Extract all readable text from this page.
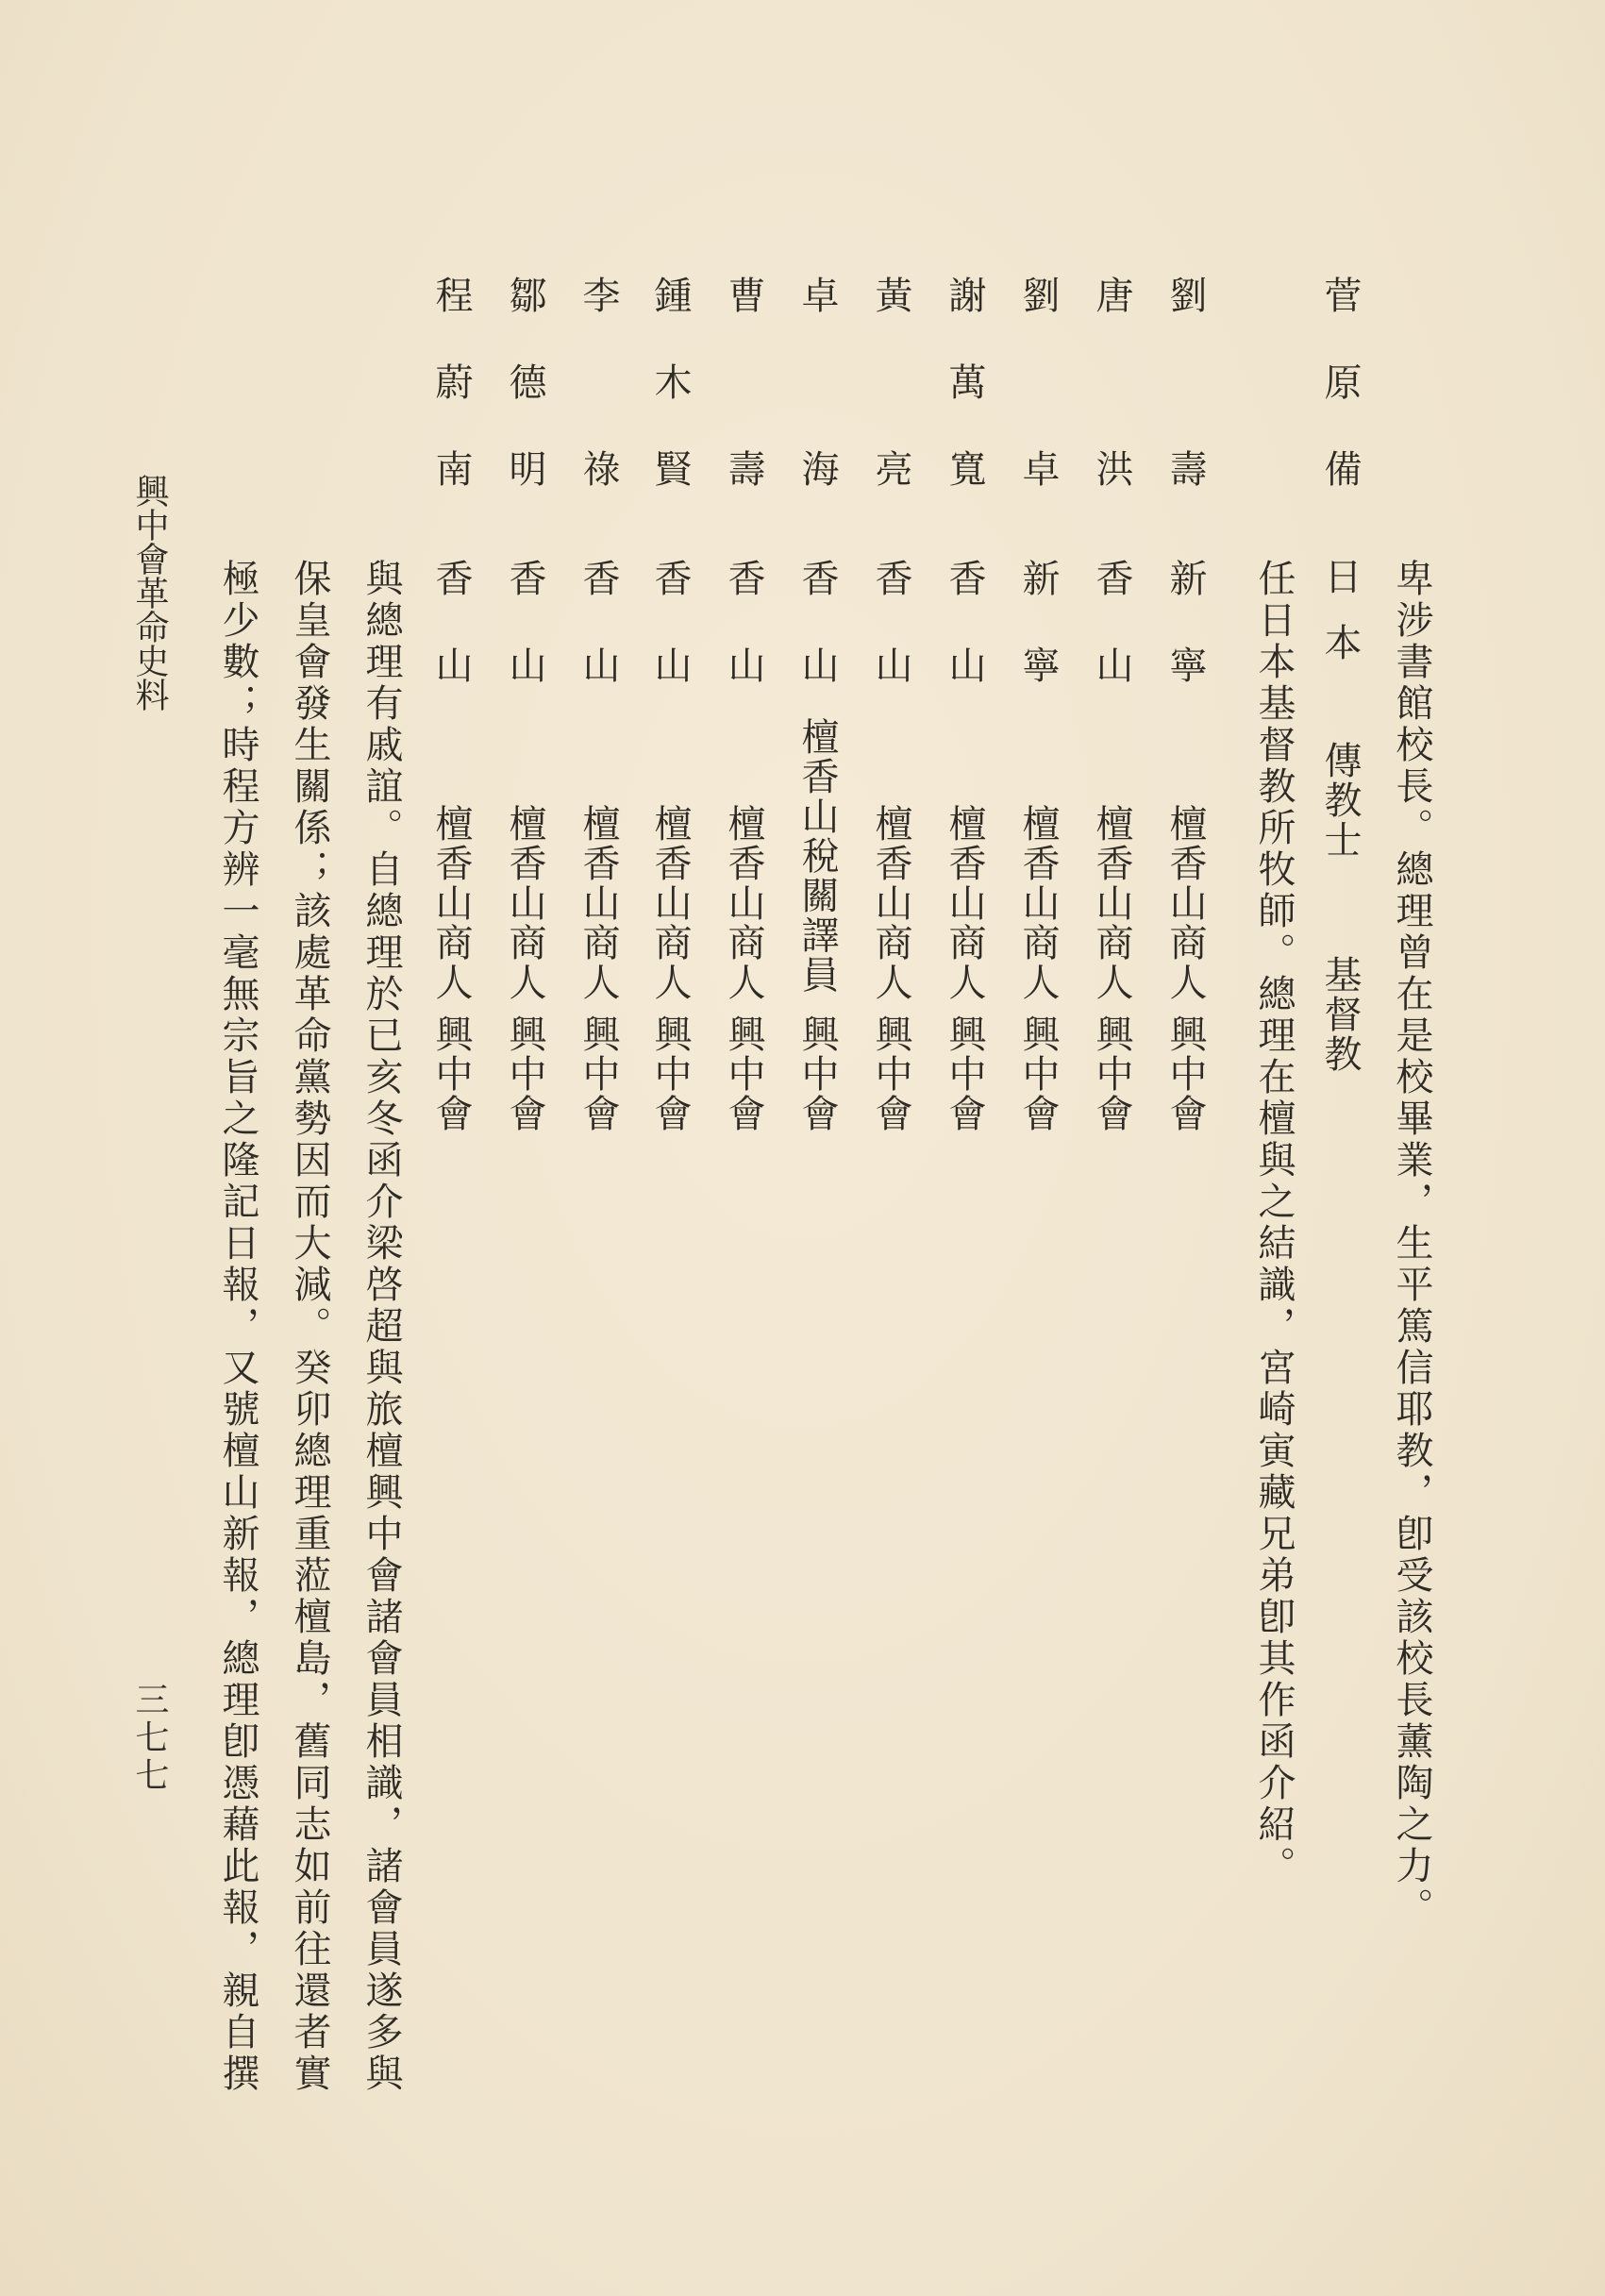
菅原備
日本
傳教士
基督教 卑涉書館校長。總理曾在是校畢業，生平篤信耶教，卽受該校長薰陶之力。
任日本基督教所牧師。總理在檀與之結識，宮崎寅藏兄弟卽其作函介紹。
劉　壽
新寧
檀香山商人
興中會
唐　洪
香山
檀香山商人
興中會
劉　卓
新寧
檀香山商人
興中會
謝萬寬
香山
檀香山商人
興中會
黃　亮
香山
檀香山商人
興中會
卓　海
香山
檀香山稅關譯員
興中會
曹　壽
香山
檀香山商人
興中會
鍾木賢
香山
檀香山商人
興中會
李　祿
香山
檀香山商人
興中會
鄒德明
香山
檀香山商人
興中會
程蔚南
香山
檀香山商人
興中會
與總理有戚誼。自總理於已亥冬函介梁啓超與旅檀興中會諸會員相識，諸會員遂多與
保皇會發生關係；該處革命黨勢因而大減。癸卯總理重蒞檀島，舊同志如前往還者實
極少數；時程方辨一毫無宗旨之隆記日報，又號檀山新報，總理卽憑藉此報，親自撰
興中會革命史料
三七七
